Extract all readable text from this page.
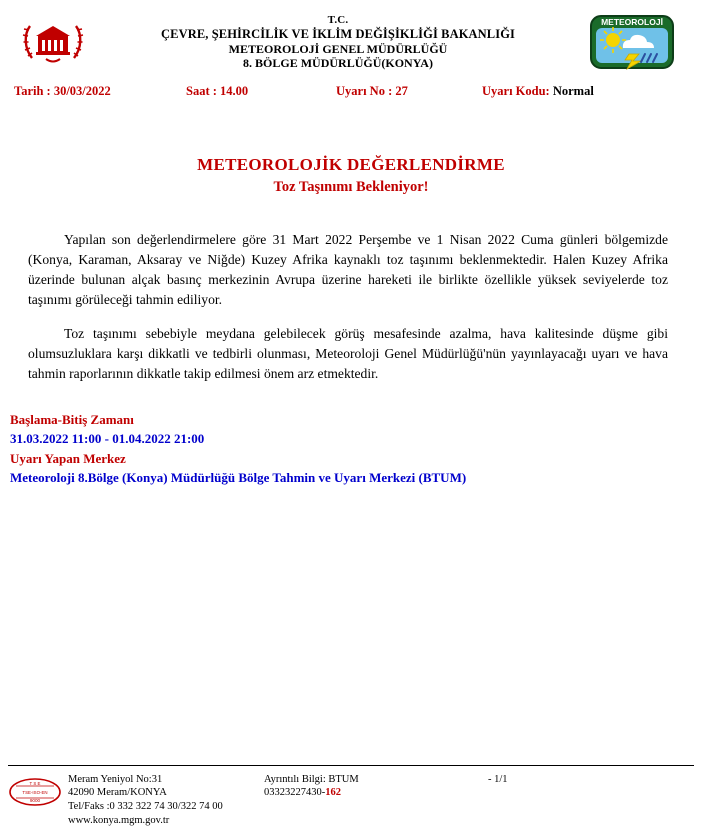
T.C.
ÇEVRE, ŞEHİRCİLİK VE İKLİM DEĞİŞİKLİĞİ BAKANLIĞI
METEOROLOJİ GENEL MÜDÜRLÜĞÜ
8. BÖLGE MÜDÜRLÜĞÜ(KONYA)
METEOROLOJİ
Tarih : 30/03/2022	Saat : 14.00	Uyarı No : 27	Uyarı Kodu: Normal
METEOROLOJİK DEĞERLENDİRME
Toz Taşınımı Bekleniyor!

Yapılan son değerlendirmelere göre 31 Mart 2022 Perşembe ve 1 Nisan 2022 Cuma günleri bölgemizde (Konya, Karaman, Aksaray ve Niğde) Kuzey Afrika kaynaklı toz taşınımı beklenmektedir. Halen Kuzey Afrika üzerinde bulunan alçak basınç merkezinin Avrupa üzerine hareketi ile birlikte özellikle yüksek seviyelerde toz taşınımı görüleceği tahmin ediliyor.

Toz taşınımı sebebiyle meydana gelebilecek görüş mesafesinde azalma, hava kalitesinde düşme gibi olumsuzluklara karşı dikkatli ve tedbirli olunması, Meteoroloji Genel Müdürlüğü'nün yayınlayacağı uyarı ve hava tahmin raporlarının dikkatle takip edilmesi önem arz etmektedir.

Başlama-Bitiş Zamanı
31.03.2022 11:00 - 01.04.2022 21:00
Uyarı Yapan Merkez
Meteoroloji 8.Bölge (Konya) Müdürlüğü Bölge Tahmin ve Uyarı Merkezi (BTUM)
T S E
TSE-ISO-EN
9000
Meram Yeniyol No:31
42090 Meram/KONYA
Tel/Faks :0 332 322 74 30/322 74 00
www.konya.mgm.gov.tr
Ayrıntılı Bilgi: BTUM
03323227430-162
- 1/1
